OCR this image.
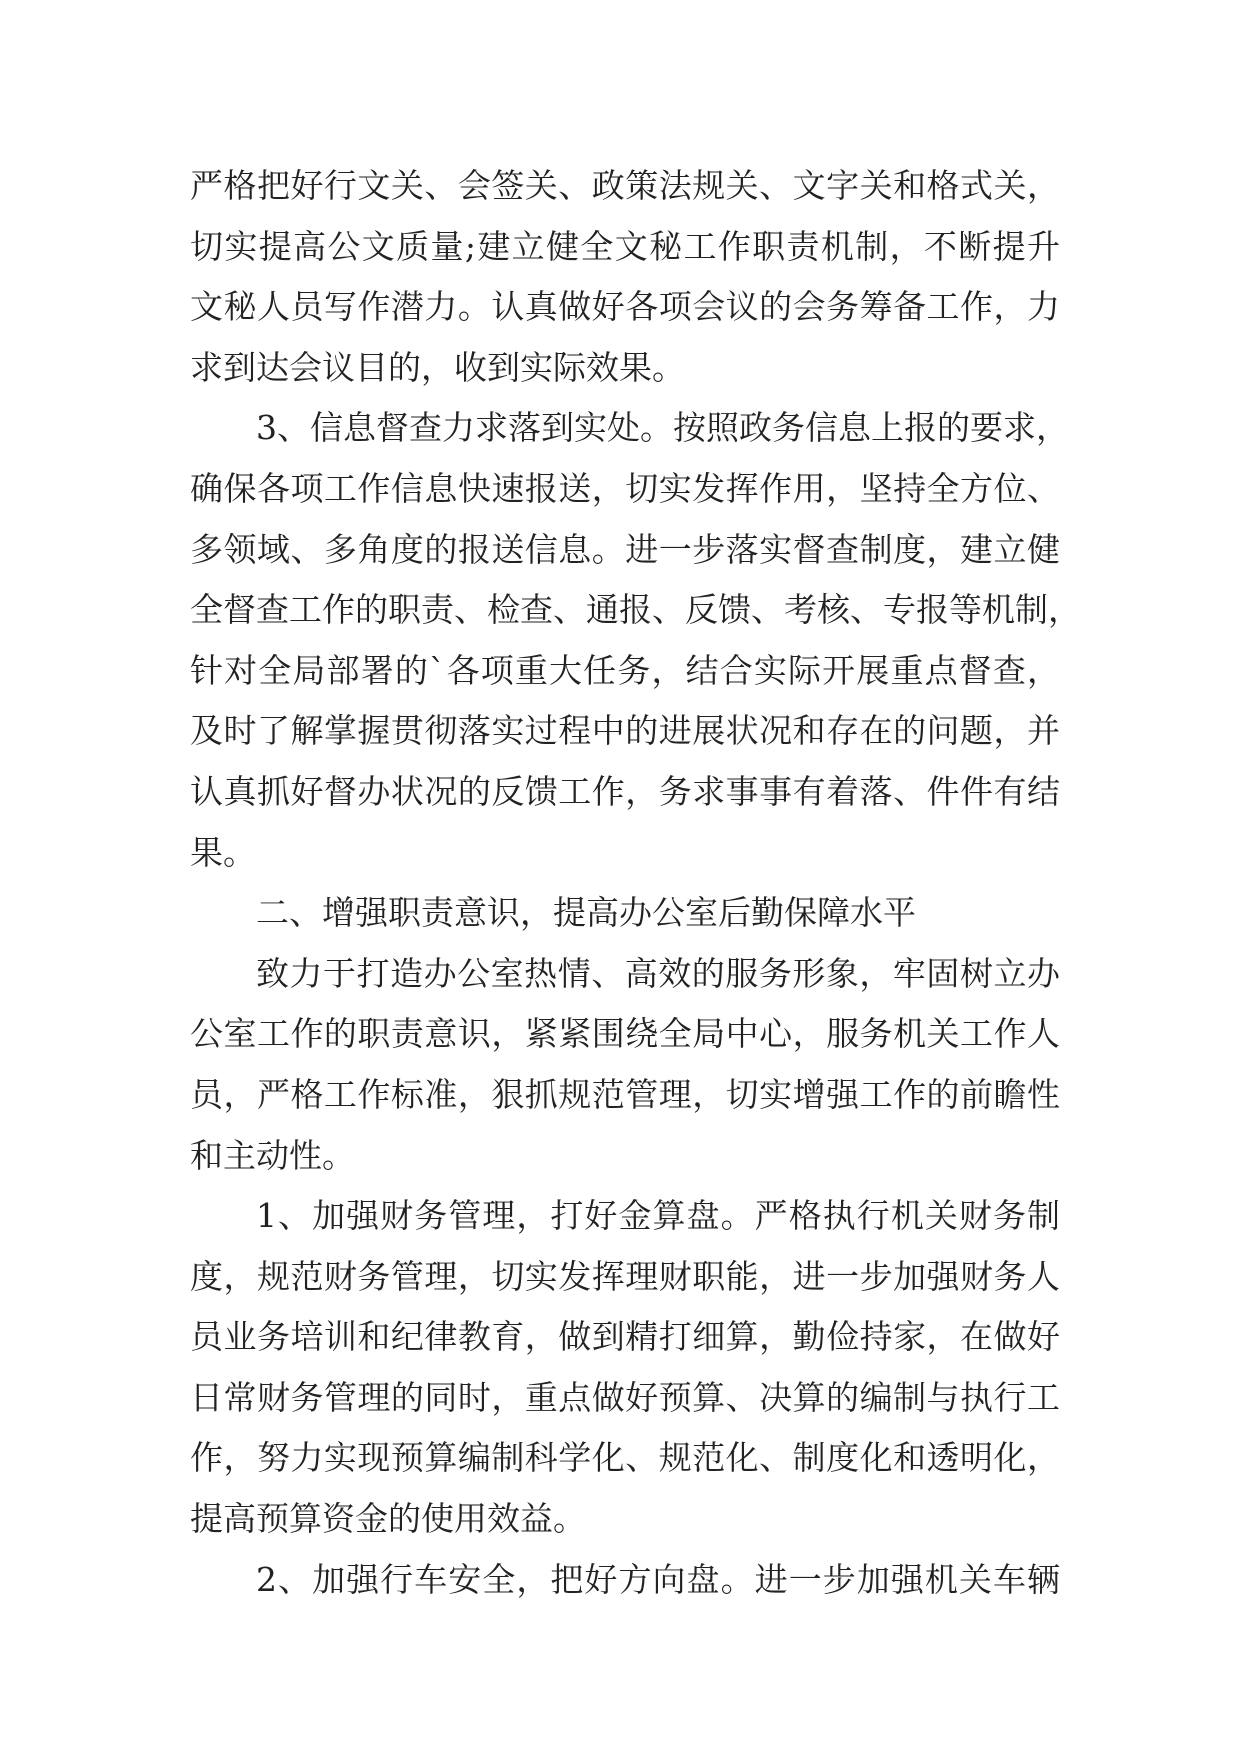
严格把好行文关、会签关、政策法规关、文字关和格式关，
切实提高公文质量;建立健全文秘工作职责机制，不断提升
文秘人员写作潜力。认真做好各项会议的会务筹备工作，力
求到达会议目的，收到实际效果。
3、信息督查力求落到实处。按照政务信息上报的要求，
确保各项工作信息快速报送，切实发挥作用，坚持全方位、
多领域、多角度的报送信息。进一步落实督查制度，建立健
全督查工作的职责、检查、通报、反馈、考核、专报等机制，
针对全局部署的`各项重大任务，结合实际开展重点督查，
及时了解掌握贯彻落实过程中的进展状况和存在的问题，并
认真抓好督办状况的反馈工作，务求事事有着落、件件有结
果。
二、增强职责意识，提高办公室后勤保障水平
致力于打造办公室热情、高效的服务形象，牢固树立办
公室工作的职责意识，紧紧围绕全局中心，服务机关工作人
员，严格工作标准，狠抓规范管理，切实增强工作的前瞻性
和主动性。
1、加强财务管理，打好金算盘。严格执行机关财务制
度，规范财务管理，切实发挥理财职能，进一步加强财务人
员业务培训和纪律教育，做到精打细算，勤俭持家，在做好
日常财务管理的同时，重点做好预算、决算的编制与执行工
作，努力实现预算编制科学化、规范化、制度化和透明化，
提高预算资金的使用效益。
2、加强行车安全，把好方向盘。进一步加强机关车辆
